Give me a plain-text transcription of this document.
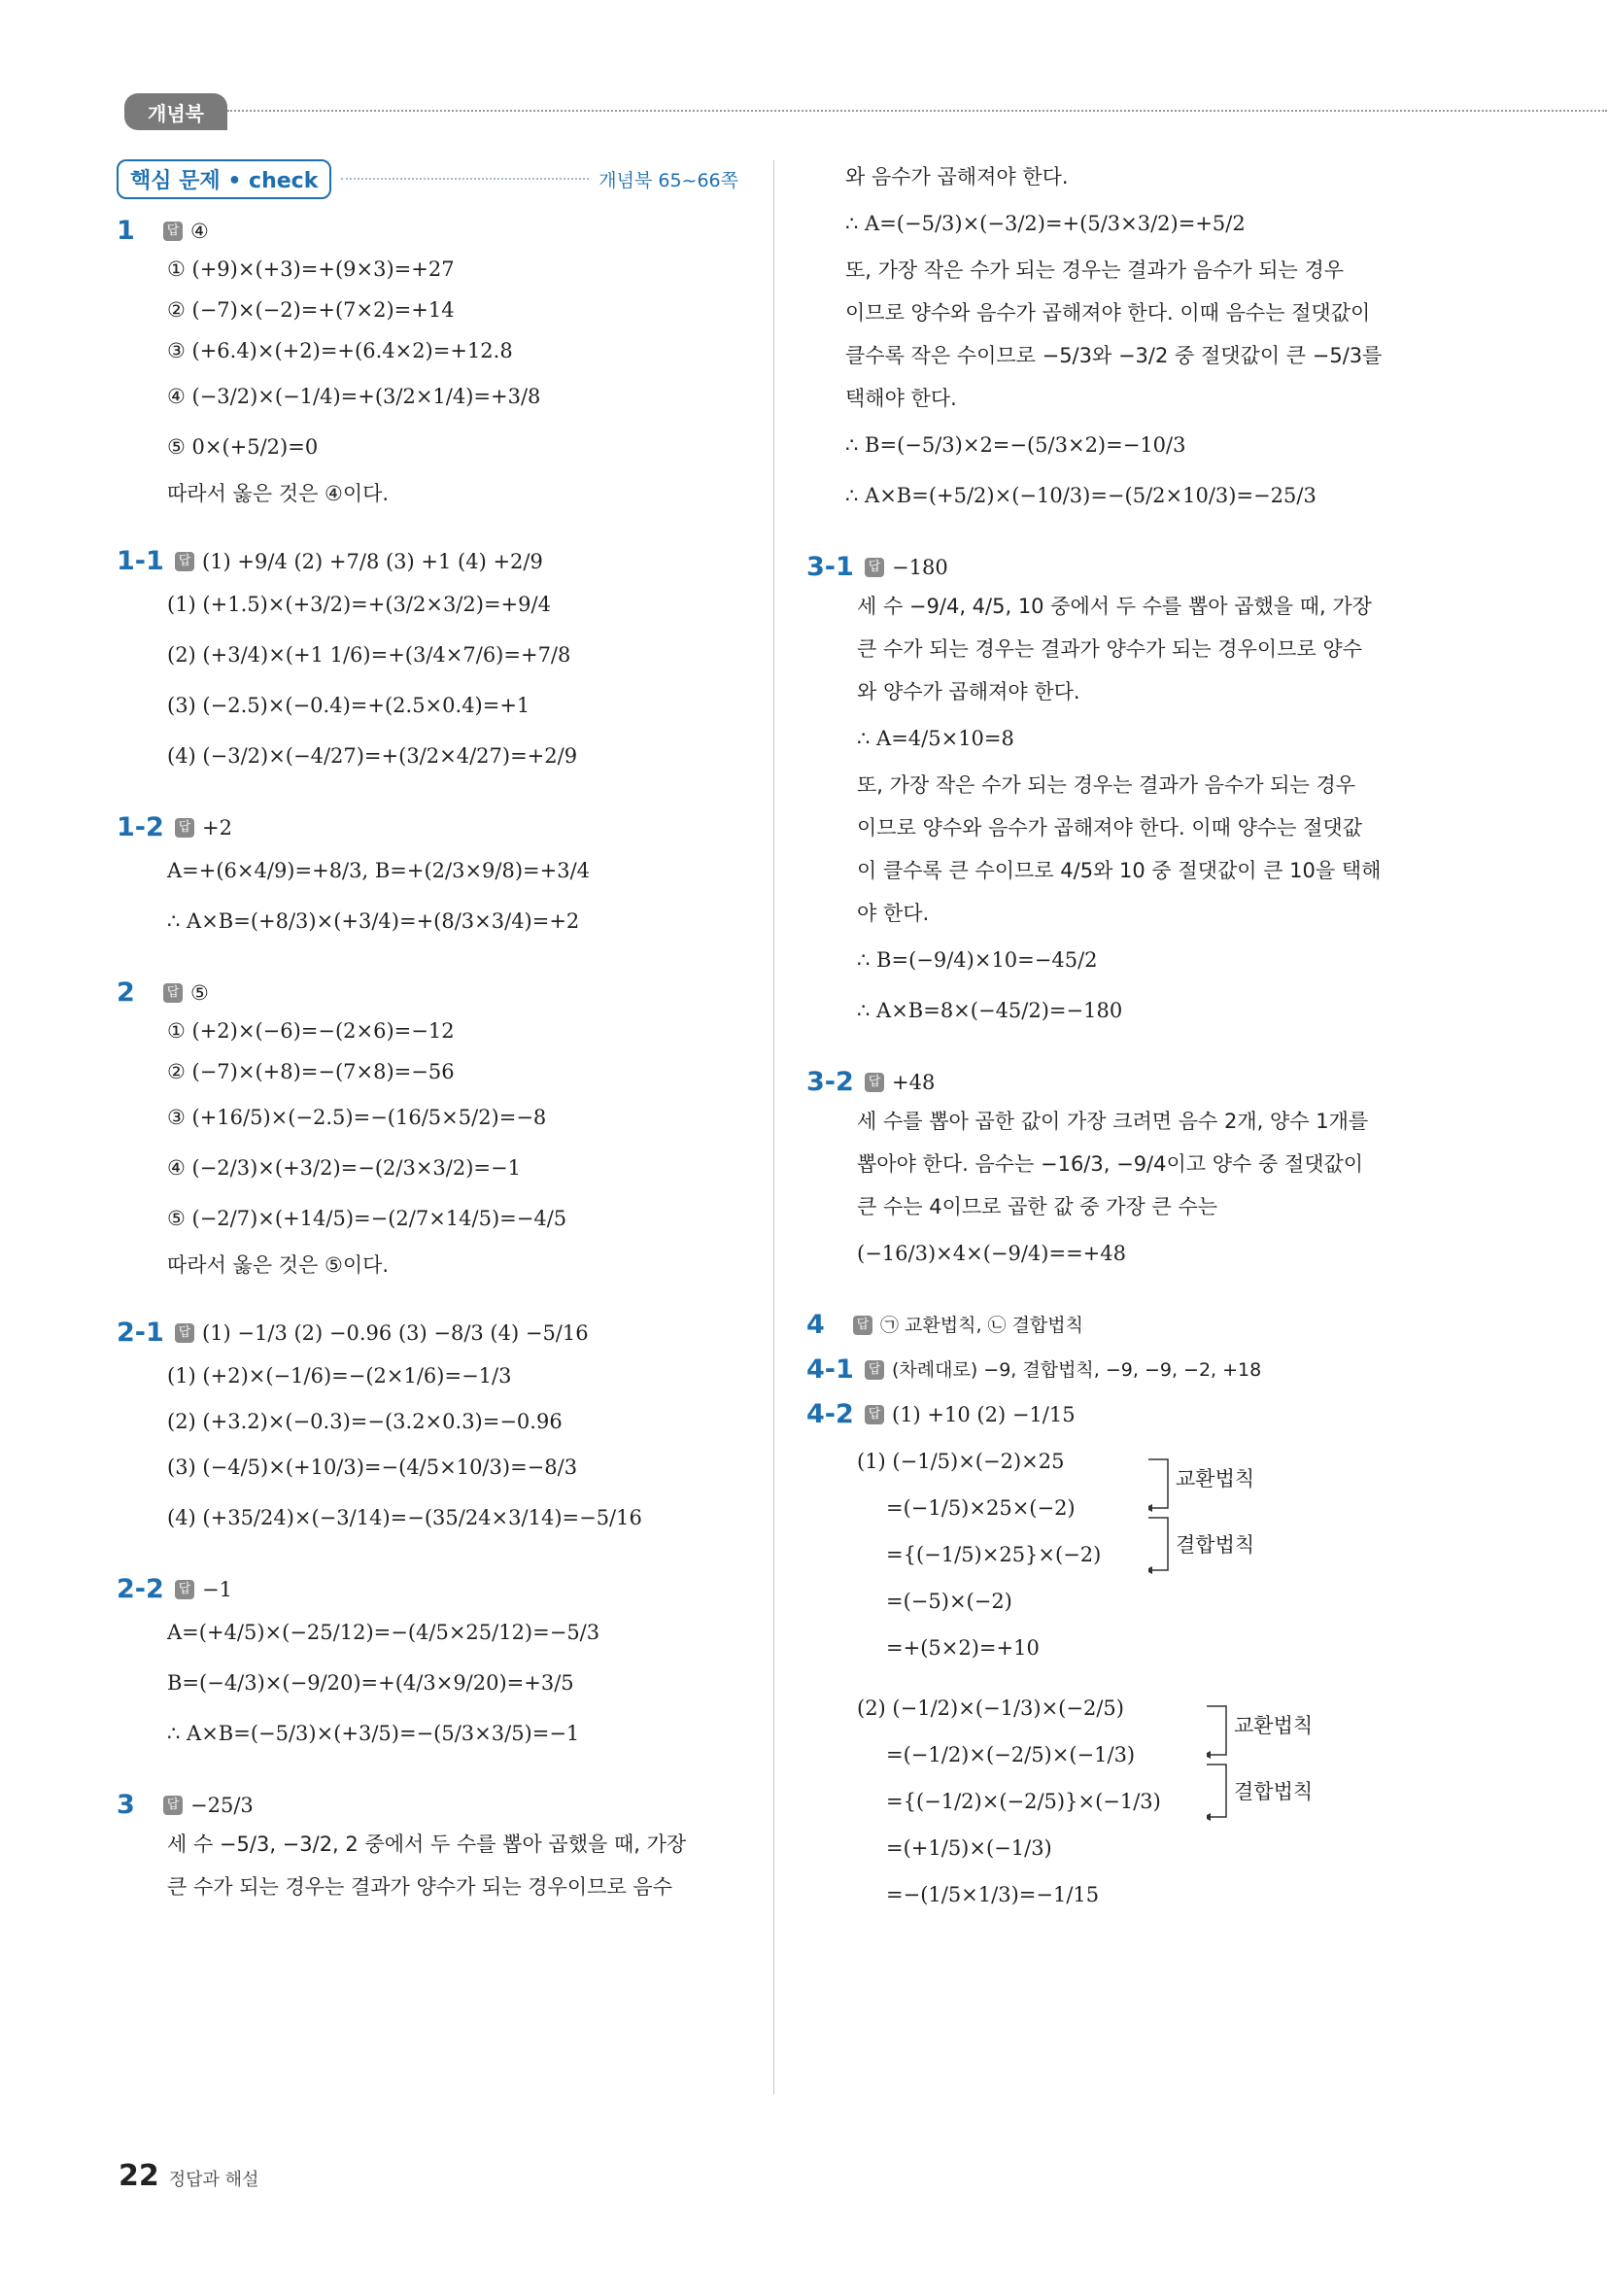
개념북
핵심 문제 • check	개념북 65~66쪽
1	답 ④
① (+9)×(+3)=+(9×3)=+27
② (−7)×(−2)=+(7×2)=+14
③ (+6.4)×(+2)=+(6.4×2)=+12.8
④ (−3/2)×(−1/4)=+(3/2×1/4)=+3/8
⑤ 0×(+5/2)=0
따라서 옳은 것은 ④이다.
1-1	답 (1) +9/4 (2) +7/8 (3) +1 (4) +2/9
(1) (+1.5)×(+3/2)=+(3/2×3/2)=+9/4
(2) (+3/4)×(+1 1/6)=+(3/4×7/6)=+7/8
(3) (−2.5)×(−0.4)=+(2.5×0.4)=+1
(4) (−3/2)×(−4/27)=+(3/2×4/27)=+2/9
1-2	답 +2
A=+(6×4/9)=+8/3, B=+(2/3×9/8)=+3/4
∴ A×B=(+8/3)×(+3/4)=+(8/3×3/4)=+2
2	답 ⑤
① (+2)×(−6)=−(2×6)=−12
② (−7)×(+8)=−(7×8)=−56
③ (+16/5)×(−2.5)=−(16/5×5/2)=−8
④ (−2/3)×(+3/2)=−(2/3×3/2)=−1
⑤ (−2/7)×(+14/5)=−(2/7×14/5)=−4/5
따라서 옳은 것은 ⑤이다.
2-1	답 (1) −1/3 (2) −0.96 (3) −8/3 (4) −5/16
(1) (+2)×(−1/6)=−(2×1/6)=−1/3
(2) (+3.2)×(−0.3)=−(3.2×0.3)=−0.96
(3) (−4/5)×(+10/3)=−(4/5×10/3)=−8/3
(4) (+35/24)×(−3/14)=−(35/24×3/14)=−5/16
2-2	답 −1
A=(+4/5)×(−25/12)=−(4/5×25/12)=−5/3
B=(−4/3)×(−9/20)=+(4/3×9/20)=+3/5
∴ A×B=(−5/3)×(+3/5)=−(5/3×3/5)=−1
3	답 −25/3
세 수 −5/3, −3/2, 2 중에서 두 수를 뽑아 곱했을 때, 가장
큰 수가 되는 경우는 결과가 양수가 되는 경우이므로 음수
와 음수가 곱해져야 한다.
∴ A=(−5/3)×(−3/2)=+(5/3×3/2)=+5/2
또, 가장 작은 수가 되는 경우는 결과가 음수가 되는 경우
이므로 양수와 음수가 곱해져야 한다. 이때 음수는 절댓값이
클수록 작은 수이므로 −5/3와 −3/2 중 절댓값이 큰 −5/3를
택해야 한다.
∴ B=(−5/3)×2=−(5/3×2)=−10/3
∴ A×B=(+5/2)×(−10/3)=−(5/2×10/3)=−25/3
3-1	답 −180
세 수 −9/4, 4/5, 10 중에서 두 수를 뽑아 곱했을 때, 가장
큰 수가 되는 경우는 결과가 양수가 되는 경우이므로 양수
와 양수가 곱해져야 한다.
∴ A=4/5×10=8
또, 가장 작은 수가 되는 경우는 결과가 음수가 되는 경우
이므로 양수와 음수가 곱해져야 한다. 이때 양수는 절댓값
이 클수록 큰 수이므로 4/5와 10 중 절댓값이 큰 10을 택해
야 한다.
∴ B=(−9/4)×10=−45/2
∴ A×B=8×(−45/2)=−180
3-2	답 +48
세 수를 뽑아 곱한 값이 가장 크려면 음수 2개, 양수 1개를
뽑아야 한다. 음수는 −16/3, −9/4이고 양수 중 절댓값이
큰 수는 4이므로 곱한 값 중 가장 큰 수는
(−16/3)×4×(−9/4)==+48
4	답 ㉠ 교환법칙, ㉡ 결합법칙
4-1	답 (차례대로) −9, 결합법칙, −9, −9, −2, +18
4-2	답 (1) +10 (2) −1/15
(1) (−1/5)×(−2)×25
=(−1/5)×25×(−2)
={(−1/5)×25}×(−2)
=(−5)×(−2)
=+(5×2)=+10
교환법칙
결합법칙
(2) (−1/2)×(−1/3)×(−2/5)
=(−1/2)×(−2/5)×(−1/3)
={(−1/2)×(−2/5)}×(−1/3)
=(+1/5)×(−1/3)
=−(1/5×1/3)=−1/15
교환법칙
결합법칙
22 정답과 해설
